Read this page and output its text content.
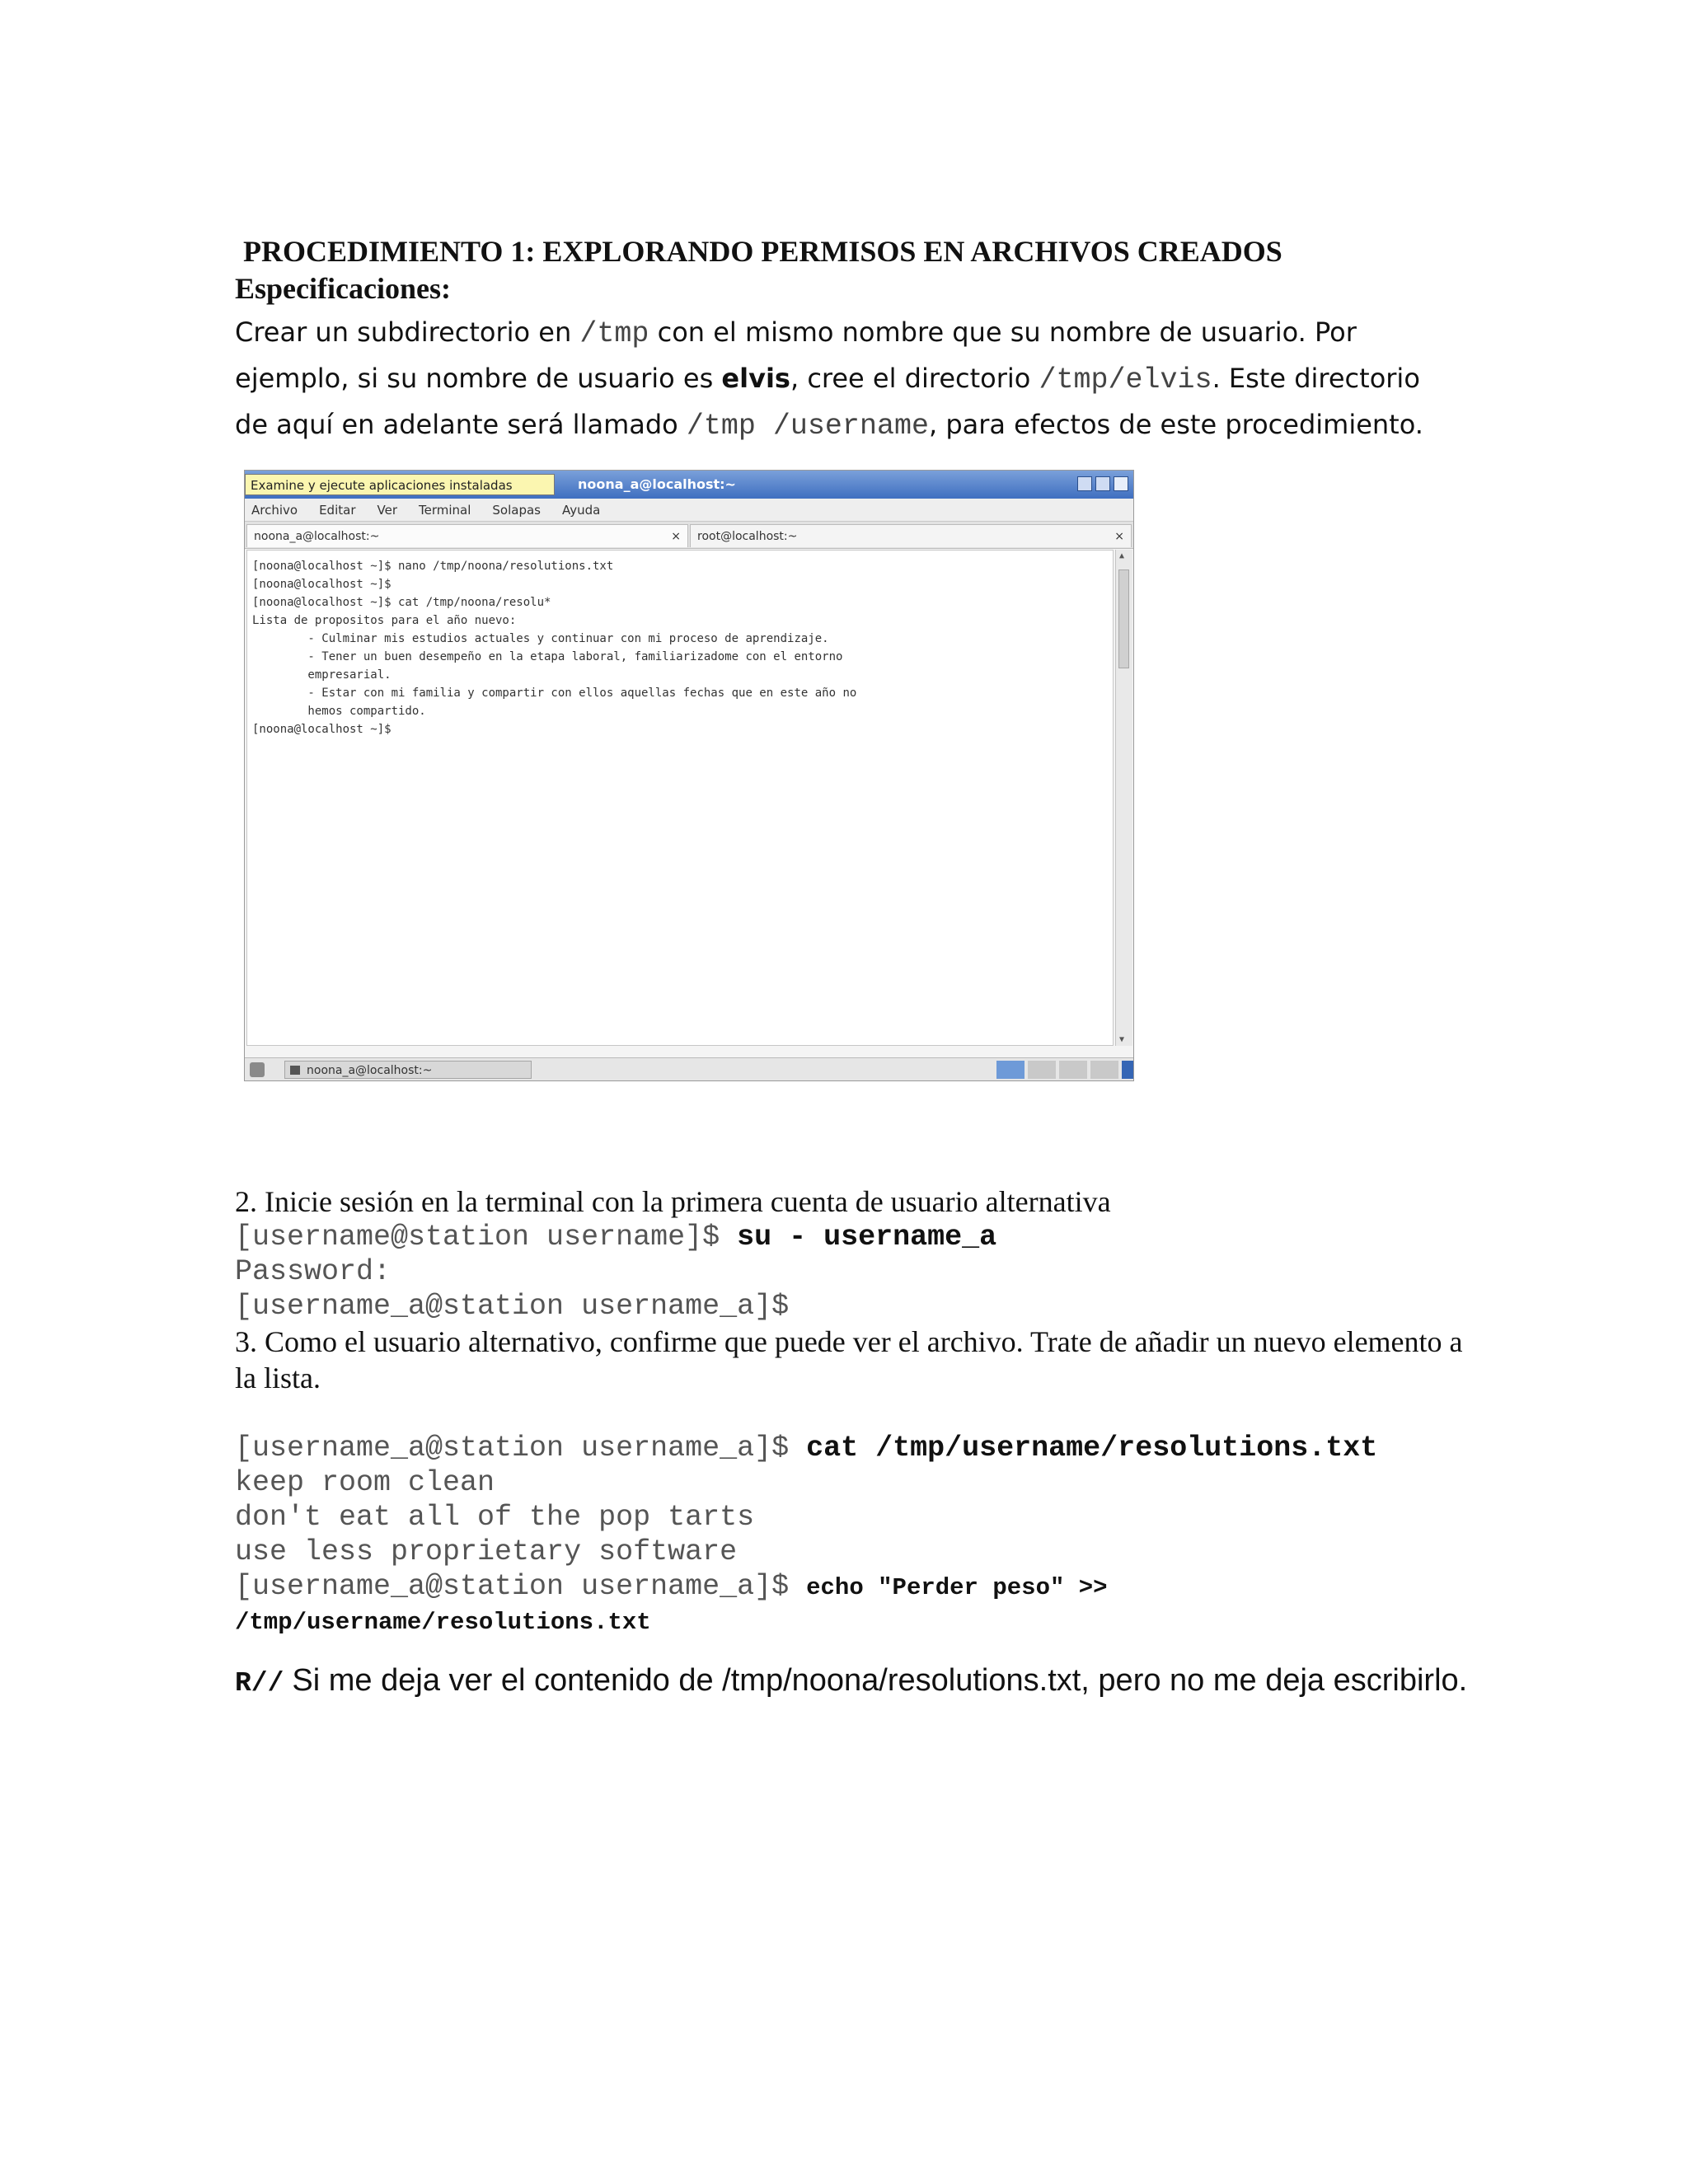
PROCEDIMIENTO 1: EXPLORANDO PERMISOS EN ARCHIVOS CREADOS
Especificaciones:
Crear un subdirectorio en /tmp con el mismo nombre que su nombre de usuario. Por ejemplo, si su nombre de usuario es elvis, cree el directorio /tmp/elvis. Este directorio de aquí en adelante será llamado /tmp /username, para efectos de este procedimiento.
Examine y ejecute aplicaciones instaladas	noona_a@localhost:~
Archivo Editar Ver Terminal Solapas Ayuda
noona_a@localhost:~	×	root@localhost:~	×
[noona@localhost ~]$ nano /tmp/noona/resolutions.txt
[noona@localhost ~]$
[noona@localhost ~]$ cat /tmp/noona/resolu*
Lista de propositos para el año nuevo:
- Culminar mis estudios actuales y continuar con mi proceso de aprendizaje.
- Tener un buen desempeño en la etapa laboral, familiarizadome con el entorno
empresarial.
- Estar con mi familia y compartir con ellos aquellas fechas que en este año no
hemos compartido.
[noona@localhost ~]$
▲
▼
noona_a@localhost:~
2. Inicie sesión en la terminal con la primera cuenta de usuario alternativa
[username@station username]$ su - username_a
Password:
[username_a@station username_a]$
3. Como el usuario alternativo, confirme que puede ver el archivo. Trate de añadir un nuevo elemento a la lista.
[username_a@station username_a]$ cat /tmp/username/resolutions.txt
keep room clean
don't eat all of the pop tarts
use less proprietary software
[username_a@station username_a]$ echo "Perder peso" >>
/tmp/username/resolutions.txt
R// Si me deja ver el contenido de /tmp/noona/resolutions.txt, pero no me deja escribirlo.
